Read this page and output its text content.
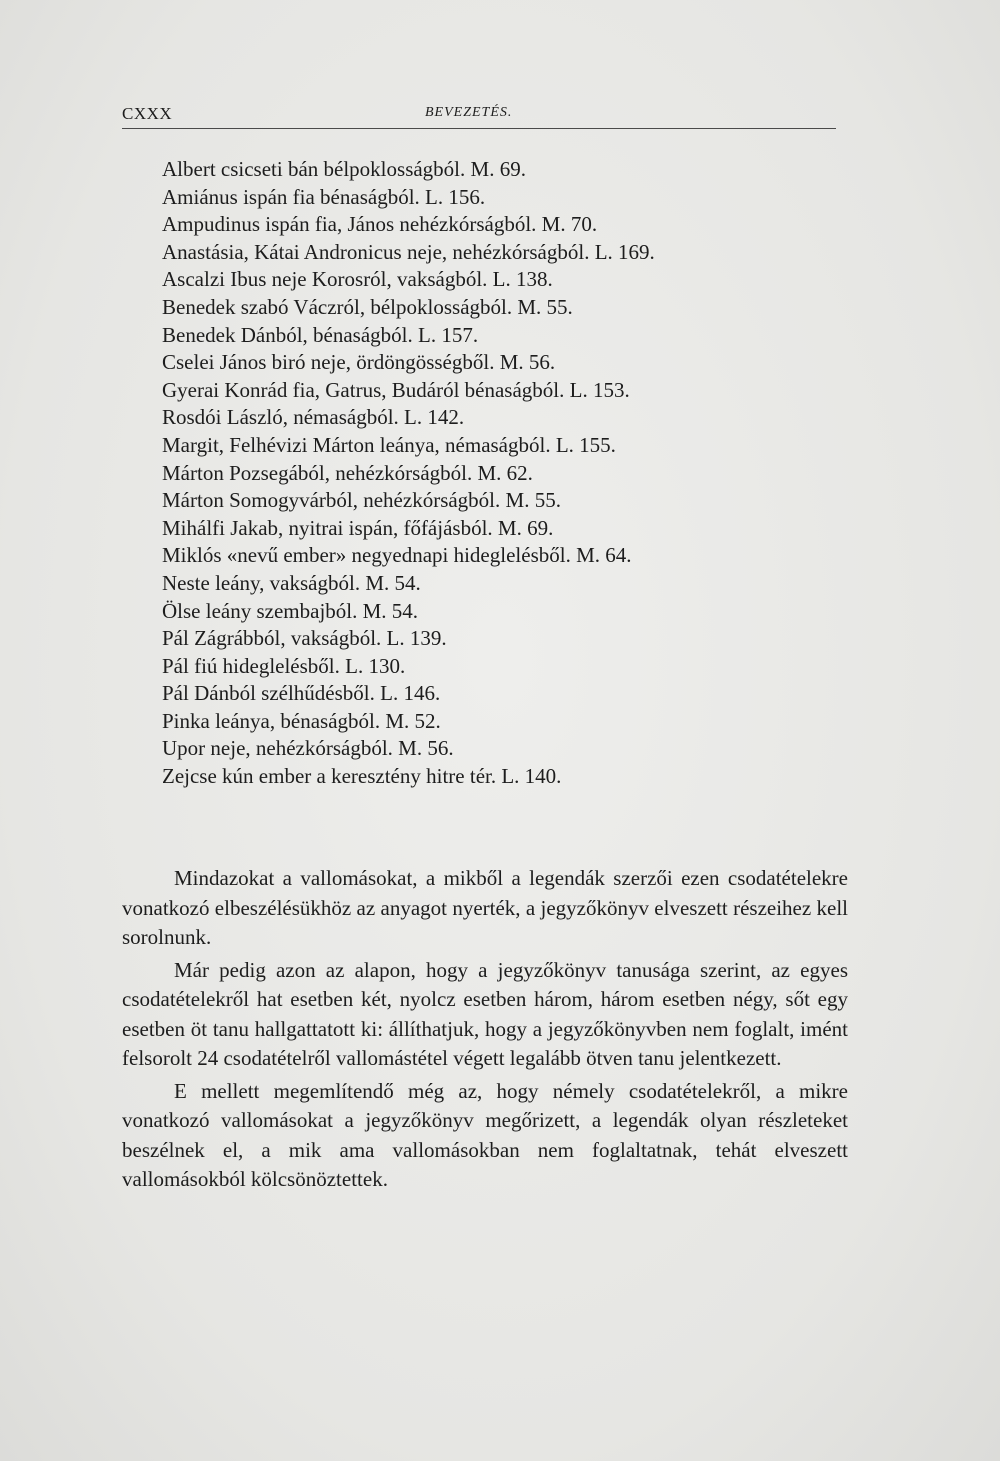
CXXX	BEVEZETÉS.
Albert csicseti bán bélpoklosságból. M. 69.
Amiánus ispán fia bénaságból. L. 156.
Ampudinus ispán fia, János nehézkórságból. M. 70.
Anastásia, Kátai Andronicus neje, nehézkórságból. L. 169.
Ascalzi Ibus neje Korosról, vakságból. L. 138.
Benedek szabó Váczról, bélpoklosságból. M. 55.
Benedek Dánból, bénaságból. L. 157.
Cselei János biró neje, ördöngösségből. M. 56.
Gyerai Konrád fia, Gatrus, Budáról bénaságból. L. 153.
Rosdói László, némaságból. L. 142.
Margit, Felhévizi Márton leánya, némaságból. L. 155.
Márton Pozsegából, nehézkórságból. M. 62.
Márton Somogyvárból, nehézkórságból. M. 55.
Mihálfi Jakab, nyitrai ispán, főfájásból. M. 69.
Miklós «nevű ember» negyednapi hideglelésből. M. 64.
Neste leány, vakságból. M. 54.
Ölse leány szembajból. M. 54.
Pál Zágrábból, vakságból. L. 139.
Pál fiú hideglelésből. L. 130.
Pál Dánból szélhűdésből. L. 146.
Pinka leánya, bénaságból. M. 52.
Upor neje, nehézkórságból. M. 56.
Zejcse kún ember a keresztény hitre tér. L. 140.

Mindazokat a vallomásokat, a mikből a legendák szerzői ezen csodatételekre vonatkozó elbeszélésükhöz az anyagot nyerték, a jegyzőkönyv elveszett részeihez kell sorolnunk.

Már pedig azon az alapon, hogy a jegyzőkönyv tanusága szerint, az egyes csodatételekről hat esetben két, nyolcz esetben három, három esetben négy, sőt egy esetben öt tanu hallgattatott ki: állíthatjuk, hogy a jegyzőkönyvben nem foglalt, imént felsorolt 24 csodatételről vallomástétel végett legalább ötven tanu jelentkezett.

E mellett megemlítendő még az, hogy némely csodatételekről, a mikre vonatkozó vallomásokat a jegyzőkönyv megőrizett, a legendák olyan részleteket beszélnek el, a mik ama vallomásokban nem foglaltatnak, tehát elveszett vallomásokból kölcsönöztettek.
